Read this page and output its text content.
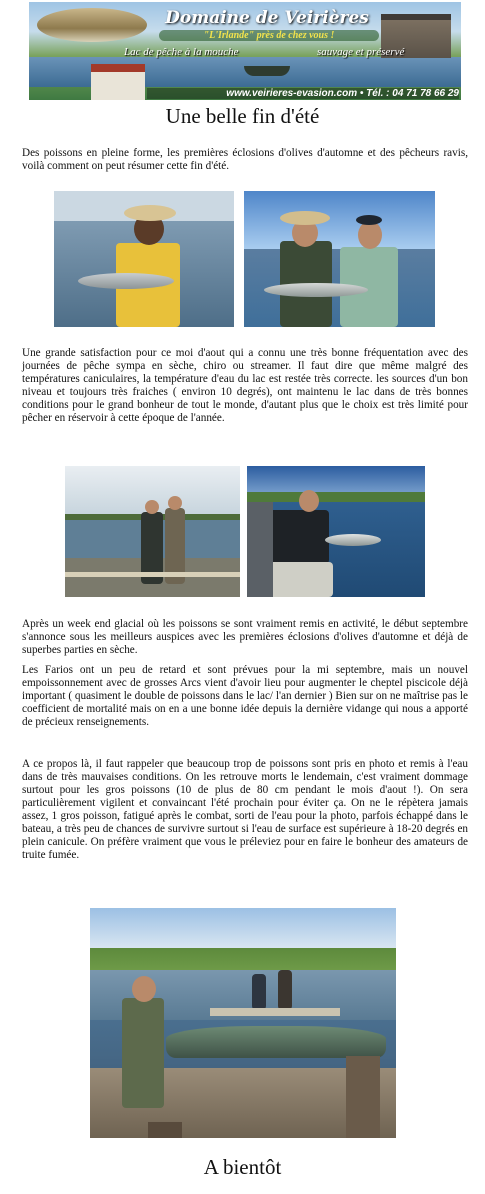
Domaine de Veirières
"L'Irlande" près de chez vous !
Lac de pêche à la mouche	sauvage et préservé
www.veirieres-evasion.com • Tél. : 04 71 78 66 29
Une belle fin d'été

Des poissons en pleine forme, les premières éclosions d'olives d'automne et des pêcheurs ravis, voilà comment on peut résumer cette fin d'été.

Une grande satisfaction pour ce moi d'aout qui a connu une très bonne fréquentation avec des journées de pêche sympa en sèche, chiro ou streamer. Il faut dire que même malgré des températures caniculaires, la température d'eau du lac est restée très correcte. les sources d'un bon niveau et toujours très fraiches ( environ 10 degrés), ont maintenu le lac dans de très bonnes conditions pour le grand bonheur de tout le monde, d'autant plus que le choix est très limité pour pêcher en réservoir à cette époque de l'année.

Après un week end glacial où les poissons se sont vraiment remis en activité, le début septembre s'annonce sous les meilleurs auspices avec les premières éclosions d'olives d'automne et déjà de superbes parties en sèche.

Les Farios ont un peu de retard et sont prévues pour la mi septembre, mais un nouvel empoissonnement avec de grosses Arcs vient d'avoir lieu pour augmenter le cheptel piscicole déjà important ( quasiment le double de poissons dans le lac/ l'an dernier ) Bien sur on ne maîtrise pas le coefficient de mortalité mais on en a une bonne idée depuis la dernière vidange qui nous a apporté de précieux renseignements.

A ce propos là, il faut rappeler que beaucoup trop de poissons sont pris en photo et remis à l'eau dans de très mauvaises conditions. On les retrouve morts le lendemain, c'est vraiment dommage surtout pour les gros poissons (10 de plus de 80 cm pendant le mois d'aout !). On sera particulièrement vigilent et convaincant l'été prochain pour éviter ça. On ne le répètera jamais assez, 1 gros poisson, fatigué après le combat, sorti de l'eau pour la photo, parfois échappé dans le bateau, a très peu de chances de survivre surtout si l'eau de surface est supérieure à 18-20 degrés en plein canicule. On préfère vraiment que vous le préleviez pour en faire le bonheur des amateurs de truite fumée.

A bientôt
